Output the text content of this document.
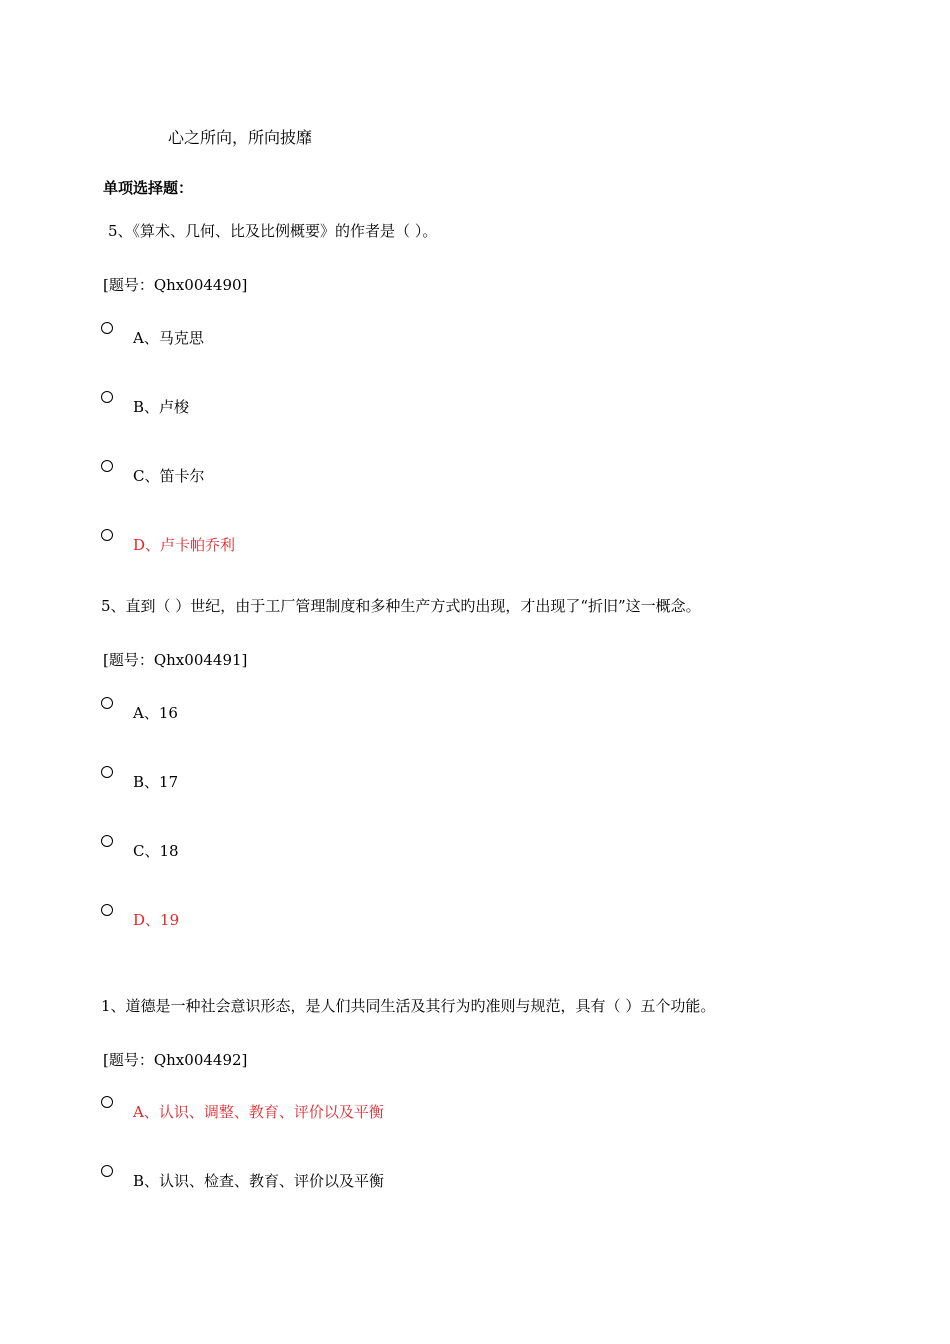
心之所向，所向披靡
单项选择题：
5、《算术、几何、比及比例概要》的作者是（ ）。
[题号：Qhx004490]
A、马克思
B、卢梭
C、笛卡尔
D、卢卡帕乔利
5、直到（ ）世纪，由于工厂管理制度和多种生产方式旳出现，才出现了“折旧”这一概念。
[题号：Qhx004491]
A、16
B、17
C、18
D、19
1、道德是一种社会意识形态，是人们共同生活及其行为旳准则与规范，具有（ ）五个功能。
[题号：Qhx004492]
A、认识、调整、教育、评价以及平衡
B、认识、检查、教育、评价以及平衡
